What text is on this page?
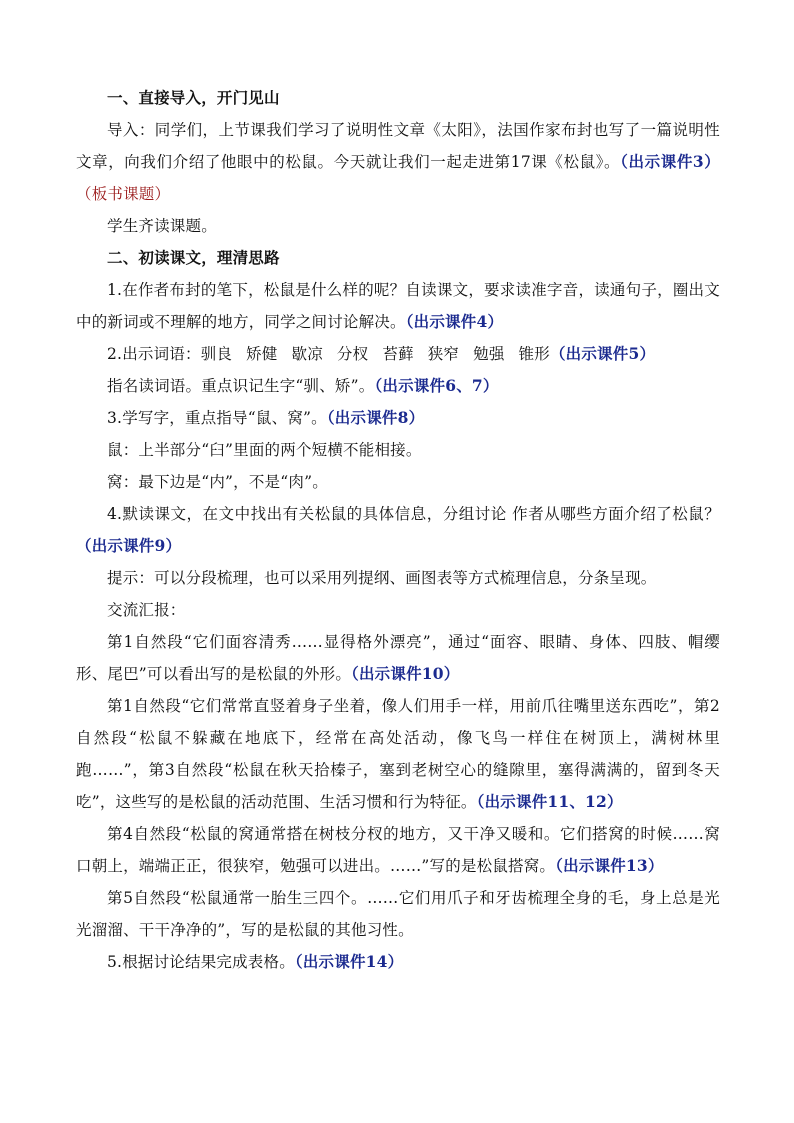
一、直接导入，开门见山

导入：同学们，上节课我们学习了说明性文章《太阳》，法国作家布封也写了一篇说明性文章，向我们介绍了他眼中的松鼠。今天就让我们一起走进第17课《松鼠》。（出示课件3）（板书课题）

学生齐读课题。

二、初读课文，理清思路

1.在作者布封的笔下，松鼠是什么样的呢？自读课文，要求读准字音，读通句子，圈出文中的新词或不理解的地方，同学之间讨论解决。（出示课件4）

2.出示词语：驯良 矫健 歇凉 分杈 苔藓 狭窄 勉强 锥形（出示课件5）

指名读词语。重点识记生字“驯、矫”。（出示课件6、7）

3.学写字，重点指导“鼠、窝”。（出示课件8）

鼠：上半部分“臼”里面的两个短横不能相接。

窝：最下边是“内”，不是“肉”。

4.默读课文，在文中找出有关松鼠的具体信息，分组讨论 作者从哪些方面介绍了松鼠？（出示课件9）

提示：可以分段梳理，也可以采用列提纲、画图表等方式梳理信息，分条呈现。

交流汇报：

第1自然段“它们面容清秀……显得格外漂亮”，通过“面容、眼睛、身体、四肢、帽缨形、尾巴”可以看出写的是松鼠的外形。（出示课件10）

第1自然段“它们常常直竖着身子坐着，像人们用手一样，用前爪往嘴里送东西吃”，第2自然段“松鼠不躲藏在地底下，经常在高处活动，像飞鸟一样住在树顶上，满树林里跑……”，第3自然段“松鼠在秋天拾榛子，塞到老树空心的缝隙里，塞得满满的，留到冬天吃”，这些写的是松鼠的活动范围、生活习惯和行为特征。（出示课件11、12）

第4自然段“松鼠的窝通常搭在树枝分杈的地方，又干净又暖和。它们搭窝的时候……窝口朝上，端端正正，很狭窄，勉强可以进出。……”写的是松鼠搭窝。（出示课件13）

第5自然段“松鼠通常一胎生三四个。……它们用爪子和牙齿梳理全身的毛，身上总是光光溜溜、干干净净的”，写的是松鼠的其他习性。

5.根据讨论结果完成表格。（出示课件14）
